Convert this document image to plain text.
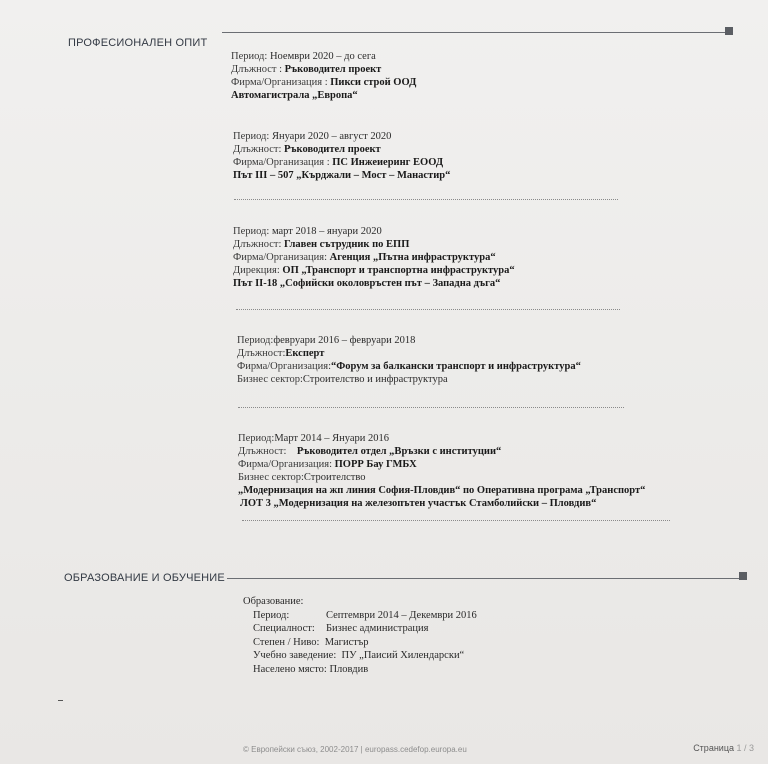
ПРОФЕСИОНАЛЕН ОПИТ
Период: Ноември 2020 – до сега
Длъжност : Ръководител проект
Фирма/Организация : Пикси строй ООД
Автомагистрала „Европа“
Период: Януари 2020 – август 2020
Длъжност: Ръководител проект
Фирма/Организация : ПС Инжеиеринг ЕООД
Път III – 507 „Кърджали – Мост – Манастир“
Период: март 2018 – януари 2020
Длъжност: Главен сътрудник по ЕПП
Фирма/Организация: Агенция „Пътна инфраструктура“
Дирекция: ОП „Транспорт и транспортна инфраструктура“
Път II-18 „Софийски околовръстен път – Западна дъга“
Период:февруари 2016 – февруари 2018
Длъжност:Експерт
Фирма/Организация:“Форум за балкански транспорт и инфраструктура“
Бизнес сектор:Строителство и инфраструктура
Период:Март 2014 – Януари 2016
Длъжност: Ръководител отдел „Връзки с институции“
Фирма/Организация: ПОРР Бау ГМБХ
Бизнес сектор:Строителство
„Модернизация на жп линия София-Пловдив“ по Оперативна програма „Транспорт“
ЛОТ 3 „Модернизация на железопътен участък Стамболийски – Пловдив“
ОБРАЗОВАНИЕ И ОБУЧЕНИЕ
Образование:
Период:	Септември 2014 – Декември 2016
Специалност: Бизнес администрация
Степен / Ниво: Магистър
Учебно заведение: ПУ „Паисий Хилендарски“
Населено място: Пловдив
© Европейски съюз, 2002-2017 | europass.cedefop.europa.eu	Страница 1 / 3
